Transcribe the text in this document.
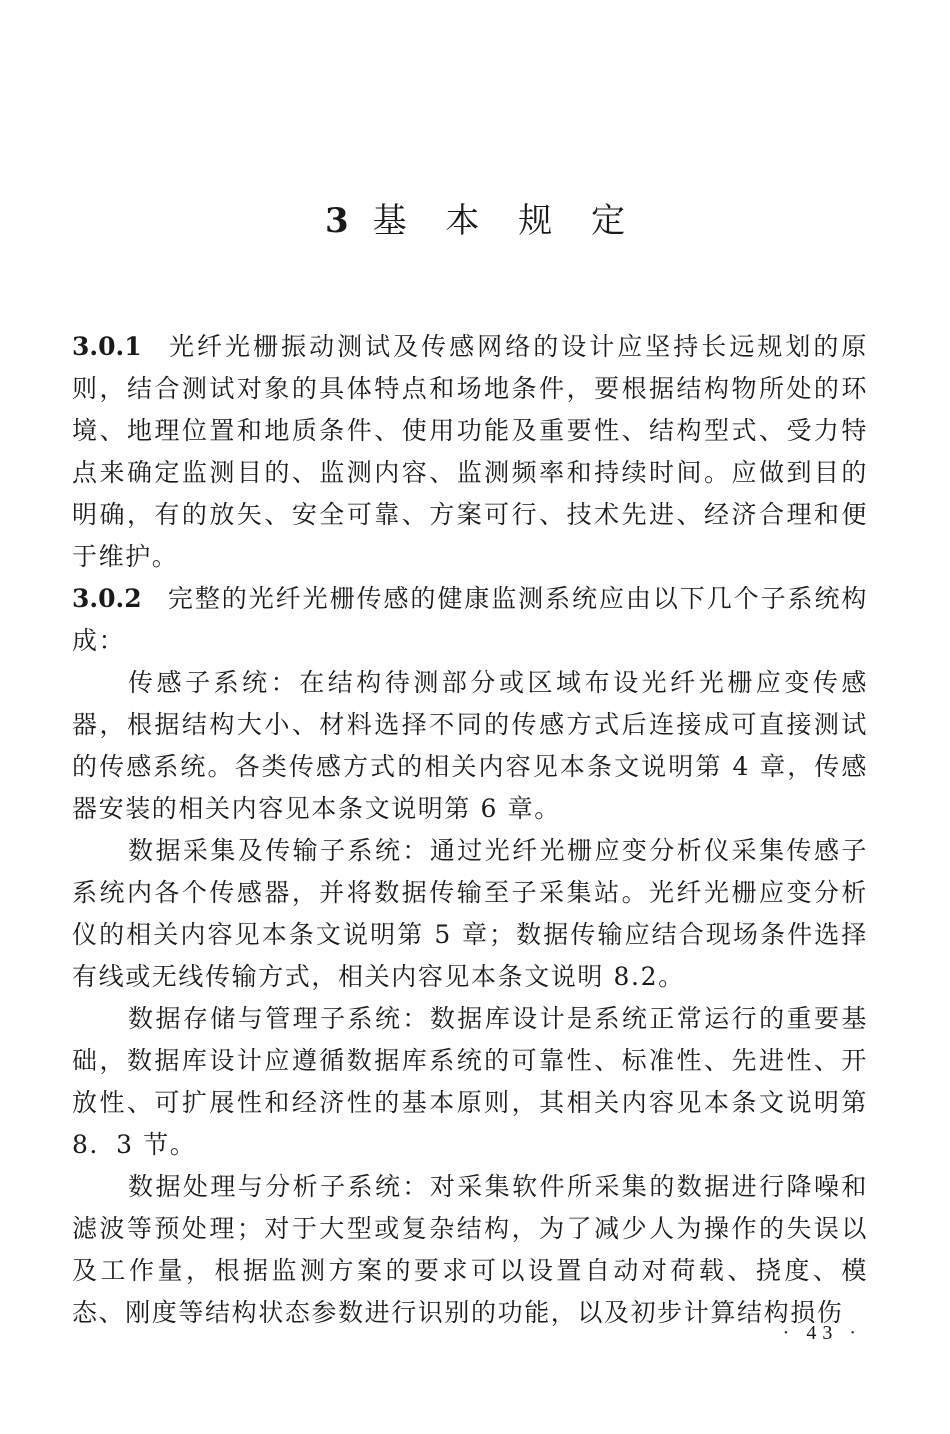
3 基 本 规 定

3.0.1 光纤光栅振动测试及传感网络的设计应坚持长远规划的原则，结合测试对象的具体特点和场地条件，要根据结构物所处的环境、地理位置和地质条件、使用功能及重要性、结构型式、受力特点来确定监测目的、监测内容、监测频率和持续时间。应做到目的明确，有的放矢、安全可靠、方案可行、技术先进、经济合理和便于维护。

3.0.2 完整的光纤光栅传感的健康监测系统应由以下几个子系统构成：

传感子系统：在结构待测部分或区域布设光纤光栅应变传感器，根据结构大小、材料选择不同的传感方式后连接成可直接测试的传感系统。各类传感方式的相关内容见本条文说明第 4 章，传感器安装的相关内容见本条文说明第 6 章。

数据采集及传输子系统：通过光纤光栅应变分析仪采集传感子系统内各个传感器，并将数据传输至子采集站。光纤光栅应变分析仪的相关内容见本条文说明第 5 章；数据传输应结合现场条件选择有线或无线传输方式，相关内容见本条文说明 8.2。

数据存储与管理子系统：数据库设计是系统正常运行的重要基础，数据库设计应遵循数据库系统的可靠性、标准性、先进性、开放性、可扩展性和经济性的基本原则，其相关内容见本条文说明第 8．3 节。

数据处理与分析子系统：对采集软件所采集的数据进行降噪和滤波等预处理；对于大型或复杂结构，为了减少人为操作的失误以及工作量，根据监测方案的要求可以设置自动对荷载、挠度、模态、刚度等结构状态参数进行识别的功能，以及初步计算结构损伤

· 43 ·
